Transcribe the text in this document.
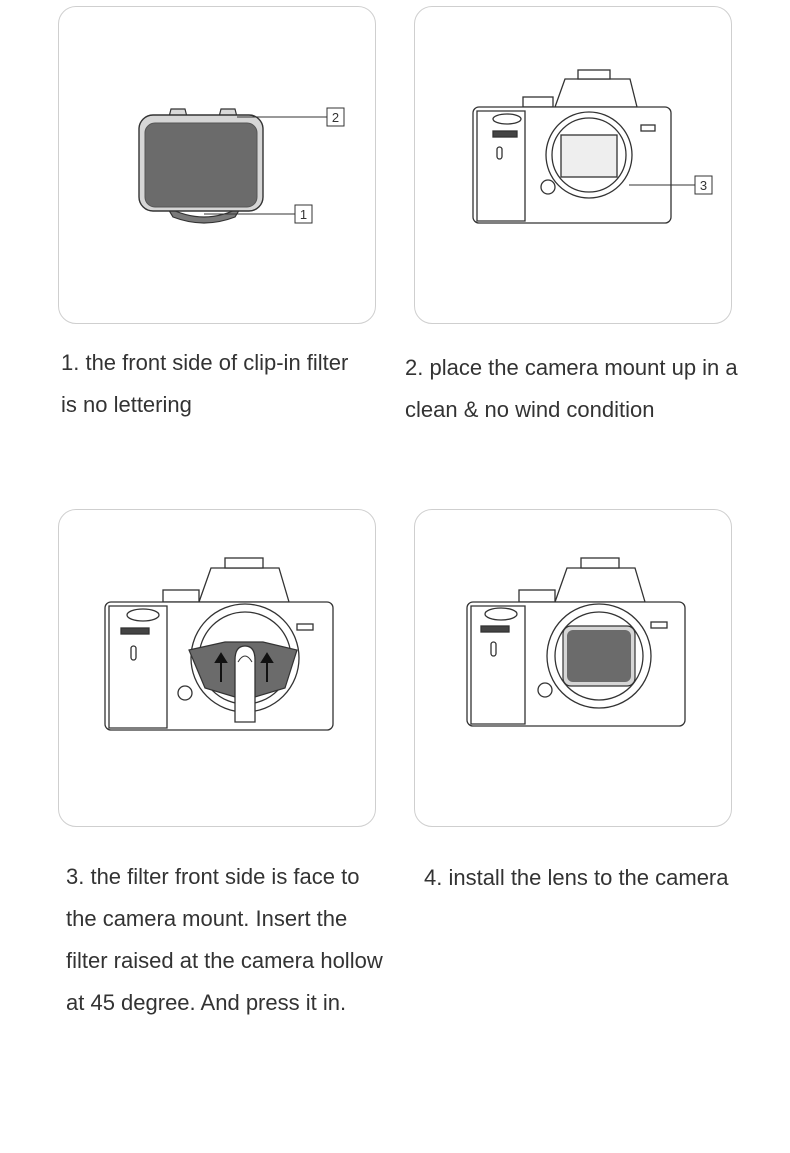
2
1
3

1. the front side of clip-in filter
is no lettering

2. place the camera mount up in a
clean & no wind condition

3. the filter front side is face to
the camera mount. Insert the
filter raised at the camera hollow
at 45 degree. And press it in.

4. install the lens to the camera
